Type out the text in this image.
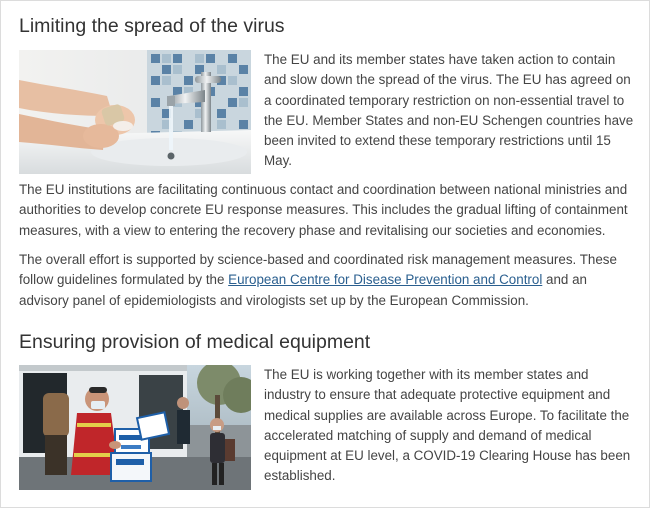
Limiting the spread of the virus

The EU and its member states have taken action to contain and slow down the spread of the virus. The EU has agreed on a coordinated temporary restriction on non-essential travel to the EU. Member States and non-EU Schengen countries have been invited to extend these temporary restrictions until 15 May.

The EU institutions are facilitating continuous contact and coordination between national ministries and authorities to develop concrete EU response measures. This includes the gradual lifting of containment measures, with a view to entering the recovery phase and revitalising our societies and economies.

The overall effort is supported by science-based and coordinated risk management measures. These follow guidelines formulated by the European Centre for Disease Prevention and Control and an advisory panel of epidemiologists and virologists set up by the European Commission.

Ensuring provision of medical equipment

The EU is working together with its member states and industry to ensure that adequate protective equipment and medical supplies are available across Europe. To facilitate the accelerated matching of supply and demand of medical equipment at EU level, a COVID-19 Clearing House has been established.
